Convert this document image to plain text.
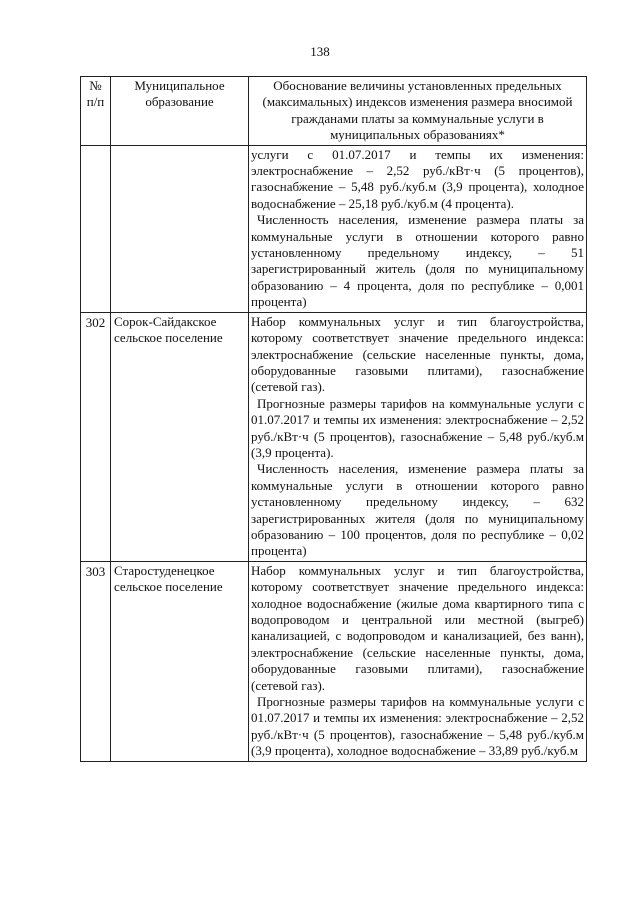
138
№ п/п	Муниципальное образование	Обоснование величины установленных предельных (максимальных) индексов изменения размера вносимой гражданами платы за коммунальные услуги в муниципальных образованиях*

		услуги с 01.07.2017 и темпы их изменения: электроснабжение – 2,52 руб./кВт·ч (5 процентов), газоснабжение – 5,48 руб./куб.м (3,9 процента), холодное водоснабжение – 25,18 руб./куб.м (4 процента).

Численность населения, изменение размера платы за коммунальные услуги в отношении которого равно установленному предельному индексу, – 51 зарегистрированный житель (доля по муниципальному образованию – 4 процента, доля по республике – 0,001 процента)

302	Сорок-Сайдакское сельское поселение	Набор коммунальных услуг и тип благоустройства, которому соответствует значение предельного индекса: электроснабжение (сельские населенные пункты, дома, оборудованные газовыми плитами), газоснабжение (сетевой газ).

Прогнозные размеры тарифов на коммунальные услуги с 01.07.2017 и темпы их изменения: электроснабжение – 2,52 руб./кВт·ч (5 процентов), газоснабжение – 5,48 руб./куб.м (3,9 процента).

Численность населения, изменение размера платы за коммунальные услуги в отношении которого равно установленному предельному индексу, – 632 зарегистрированных жителя (доля по муниципальному образованию – 100 процентов, доля по республике – 0,02 процента)

303	Старостуденецкое сельское поселение	Набор коммунальных услуг и тип благоустройства, которому соответствует значение предельного индекса: холодное водоснабжение (жилые дома квартирного типа с водопроводом и центральной или местной (выгреб) канализацией, с водопроводом и канализацией, без ванн), электроснабжение (сельские населенные пункты, дома, оборудованные газовыми плитами), газоснабжение (сетевой газ).

Прогнозные размеры тарифов на коммунальные услуги с 01.07.2017 и темпы их изменения: электроснабжение – 2,52 руб./кВт·ч (5 процентов), газоснабжение – 5,48 руб./куб.м (3,9 процента), холодное водоснабжение – 33,89 руб./куб.м
